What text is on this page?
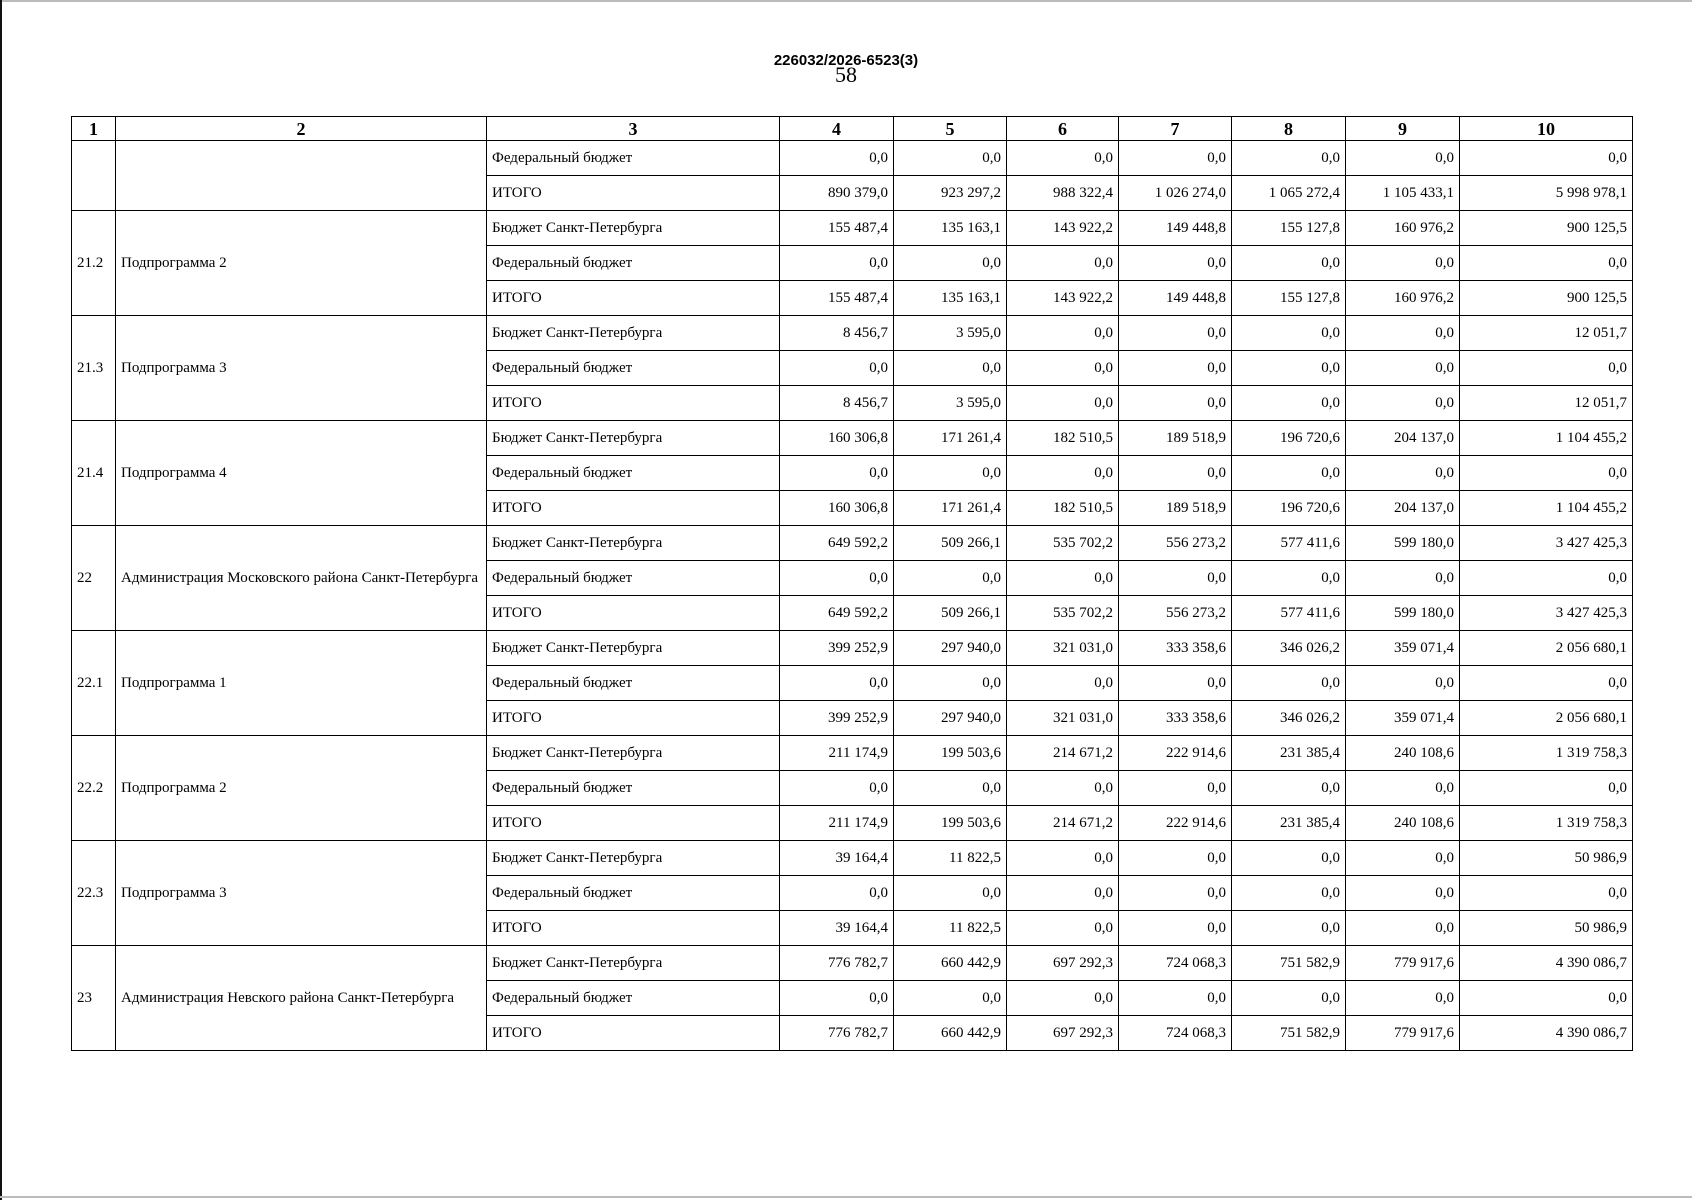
226032/2026-6523(3)
58
1	2	3	4	5	6	7	8	9	10
		Федеральный бюджет	0,0	0,0	0,0	0,0	0,0	0,0	0,0
		ИТОГО	890 379,0	923 297,2	988 322,4	1 026 274,0	1 065 272,4	1 105 433,1	5 998 978,1
21.2	Подпрограмма 2	Бюджет Санкт-Петербурга	155 487,4	135 163,1	143 922,2	149 448,8	155 127,8	160 976,2	900 125,5
		Федеральный бюджет	0,0	0,0	0,0	0,0	0,0	0,0	0,0
		ИТОГО	155 487,4	135 163,1	143 922,2	149 448,8	155 127,8	160 976,2	900 125,5
21.3	Подпрограмма 3	Бюджет Санкт-Петербурга	8 456,7	3 595,0	0,0	0,0	0,0	0,0	12 051,7
		Федеральный бюджет	0,0	0,0	0,0	0,0	0,0	0,0	0,0
		ИТОГО	8 456,7	3 595,0	0,0	0,0	0,0	0,0	12 051,7
21.4	Подпрограмма 4	Бюджет Санкт-Петербурга	160 306,8	171 261,4	182 510,5	189 518,9	196 720,6	204 137,0	1 104 455,2
		Федеральный бюджет	0,0	0,0	0,0	0,0	0,0	0,0	0,0
		ИТОГО	160 306,8	171 261,4	182 510,5	189 518,9	196 720,6	204 137,0	1 104 455,2
22	Администрация Московского района Санкт-Петербурга	Бюджет Санкт-Петербурга	649 592,2	509 266,1	535 702,2	556 273,2	577 411,6	599 180,0	3 427 425,3
		Федеральный бюджет	0,0	0,0	0,0	0,0	0,0	0,0	0,0
		ИТОГО	649 592,2	509 266,1	535 702,2	556 273,2	577 411,6	599 180,0	3 427 425,3
22.1	Подпрограмма 1	Бюджет Санкт-Петербурга	399 252,9	297 940,0	321 031,0	333 358,6	346 026,2	359 071,4	2 056 680,1
		Федеральный бюджет	0,0	0,0	0,0	0,0	0,0	0,0	0,0
		ИТОГО	399 252,9	297 940,0	321 031,0	333 358,6	346 026,2	359 071,4	2 056 680,1
22.2	Подпрограмма 2	Бюджет Санкт-Петербурга	211 174,9	199 503,6	214 671,2	222 914,6	231 385,4	240 108,6	1 319 758,3
		Федеральный бюджет	0,0	0,0	0,0	0,0	0,0	0,0	0,0
		ИТОГО	211 174,9	199 503,6	214 671,2	222 914,6	231 385,4	240 108,6	1 319 758,3
22.3	Подпрограмма 3	Бюджет Санкт-Петербурга	39 164,4	11 822,5	0,0	0,0	0,0	0,0	50 986,9
		Федеральный бюджет	0,0	0,0	0,0	0,0	0,0	0,0	0,0
		ИТОГО	39 164,4	11 822,5	0,0	0,0	0,0	0,0	50 986,9
23	Администрация Невского района Санкт-Петербурга	Бюджет Санкт-Петербурга	776 782,7	660 442,9	697 292,3	724 068,3	751 582,9	779 917,6	4 390 086,7
		Федеральный бюджет	0,0	0,0	0,0	0,0	0,0	0,0	0,0
		ИТОГО	776 782,7	660 442,9	697 292,3	724 068,3	751 582,9	779 917,6	4 390 086,7
